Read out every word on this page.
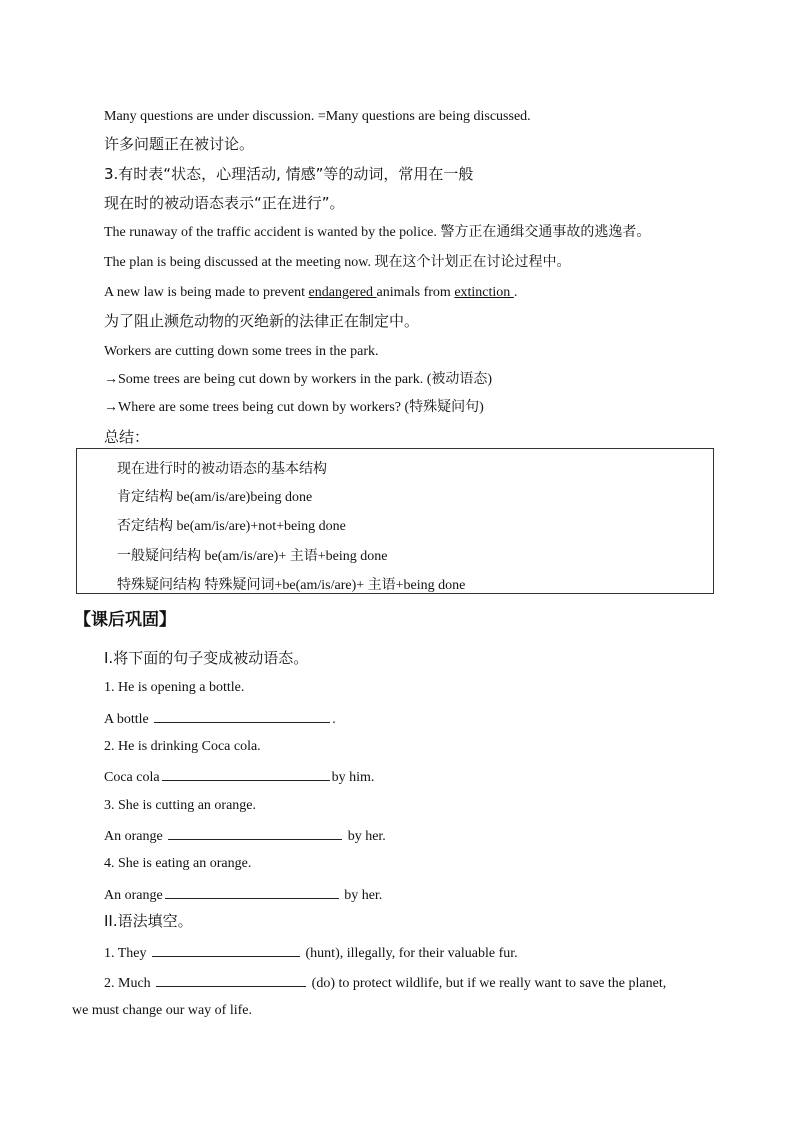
Many questions are under discussion. =Many questions are being discussed.
许多问题正在被讨论。
3.有时表“状态，心理活动, 情感”等的动词，常用在一般
现在时的被动语态表示“正在进行”。
The runaway of the traffic accident is wanted by the police. 警方正在通缉交通事故的逃逸者。
The plan is being discussed at the meeting now. 现在这个计划正在讨论过程中。
A new law is being made to prevent endangered animals from extinction .
为了阻止濒危动物的灭绝新的法律正在制定中。
Workers are cutting down some trees in the park.
→Some trees are being cut down by workers in the park. (被动语态)
→Where are some trees being cut down by workers? (特殊疑问句)
总结：
现在进行时的被动语态的基本结构
肯定结构 be(am/is/are)being done
否定结构 be(am/is/are)+not+being done
一般疑问结构 be(am/is/are)+ 主语+being done
特殊疑问结构 特殊疑问词+be(am/is/are)+ 主语+being done
【课后巩固】
I.将下面的句子变成被动语态。
1. He is opening a bottle.
A bottle	.
2. He is drinking Coca cola.
Coca cola	by him.
3. She is cutting an orange.
An orange	by her.
4. She is eating an orange.
An orange	by her.
II.语法填空。
1. They	(hunt), illegally, for their valuable fur.
2. Much	(do) to protect wildlife, but if we really want to save the planet,
we must change our way of life.
